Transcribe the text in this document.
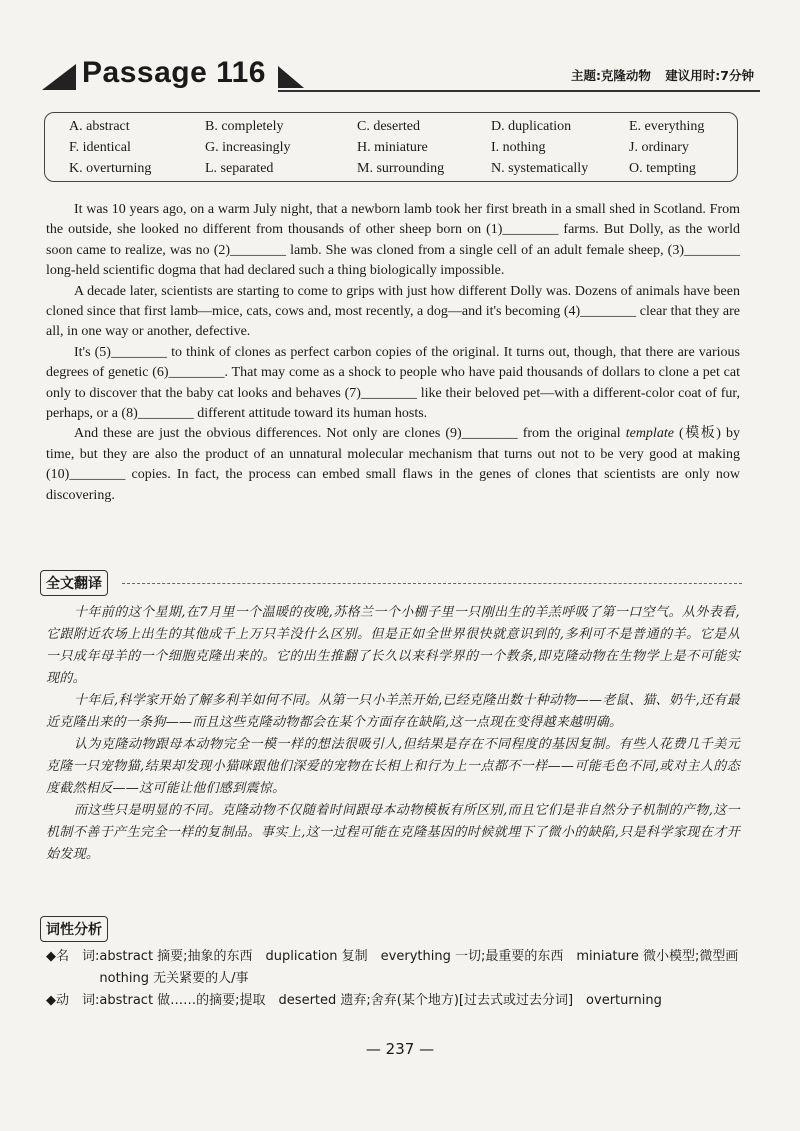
Passage 116	主题:克隆动物 建议用时:7分钟
A. abstract	B. completely	C. deserted	D. duplication	E. everything
F. identical	G. increasingly	H. miniature	I. nothing	J. ordinary
K. overturning	L. separated	M. surrounding	N. systematically	O. tempting

It was 10 years ago, on a warm July night, that a newborn lamb took her first breath in a small shed in Scotland. From the outside, she looked no different from thousands of other sheep born on (1)________ farms. But Dolly, as the world soon came to realize, was no (2)________ lamb. She was cloned from a single cell of an adult female sheep, (3)________ long-held scientific dogma that had declared such a thing biologically impossible.

A decade later, scientists are starting to come to grips with just how different Dolly was. Dozens of animals have been cloned since that first lamb—mice, cats, cows and, most recently, a dog—and it's becoming (4)________ clear that they are all, in one way or another, defective.

It's (5)________ to think of clones as perfect carbon copies of the original. It turns out, though, that there are various degrees of genetic (6)________. That may come as a shock to people who have paid thousands of dollars to clone a pet cat only to discover that the baby cat looks and behaves (7)________ like their beloved pet—with a different-color coat of fur, perhaps, or a (8)________ different attitude toward its human hosts.

And these are just the obvious differences. Not only are clones (9)________ from the original template (模板) by time, but they are also the product of an unnatural molecular mechanism that turns out not to be very good at making (10)________ copies. In fact, the process can embed small flaws in the genes of clones that scientists are only now discovering.

全文翻译

十年前的这个星期,在7月里一个温暖的夜晚,苏格兰一个小棚子里一只刚出生的羊羔呼吸了第一口空气。从外表看,它跟附近农场上出生的其他成千上万只羊没什么区别。但是正如全世界很快就意识到的,多利可不是普通的羊。它是从一只成年母羊的一个细胞克隆出来的。它的出生推翻了长久以来科学界的一个教条,即克隆动物在生物学上是不可能实现的。

十年后,科学家开始了解多利羊如何不同。从第一只小羊羔开始,已经克隆出数十种动物——老鼠、猫、奶牛,还有最近克隆出来的一条狗——而且这些克隆动物都会在某个方面存在缺陷,这一点现在变得越来越明确。

认为克隆动物跟母本动物完全一模一样的想法很吸引人,但结果是存在不同程度的基因复制。有些人花费几千美元克隆一只宠物猫,结果却发现小猫咪跟他们深爱的宠物在长相上和行为上一点都不一样——可能毛色不同,或对主人的态度截然相反——这可能让他们感到震惊。

而这些只是明显的不同。克隆动物不仅随着时间跟母本动物模板有所区别,而且它们是非自然分子机制的产物,这一机制不善于产生完全一样的复制品。事实上,这一过程可能在克隆基因的时候就埋下了微小的缺陷,只是科学家现在才开始发现。

词性分析
◆名　词: abstract 摘要;抽象的东西　duplication 复制　everything 一切;最重要的东西　miniature 微小模型;微型画　nothing 无关紧要的人/事
◆动　词: abstract 做……的摘要;提取　deserted 遗弃;舍弃(某个地方)[过去式或过去分词]　overturning
— 237 —
